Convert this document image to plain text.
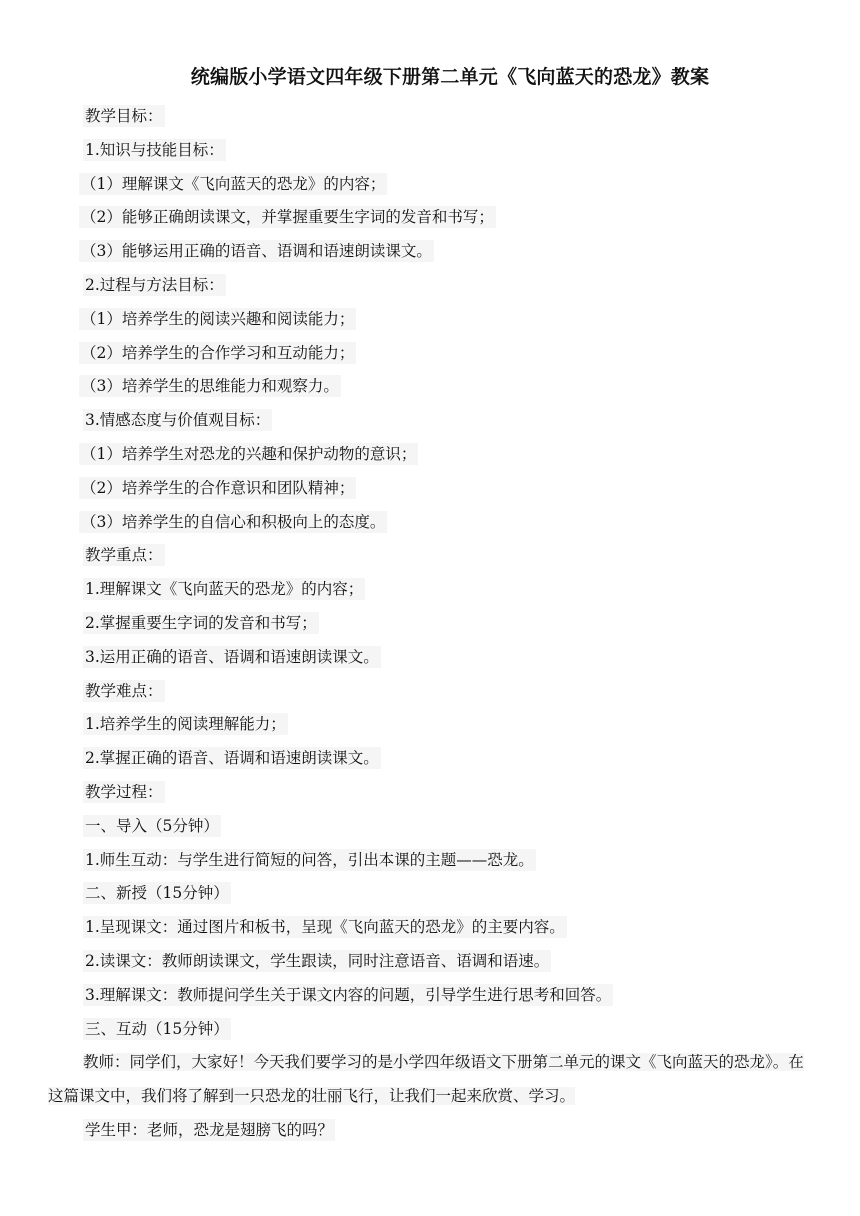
统编版小学语文四年级下册第二单元《飞向蓝天的恐龙》教案
教学目标：
1.知识与技能目标：
（1）理解课文《飞向蓝天的恐龙》的内容；
（2）能够正确朗读课文，并掌握重要生字词的发音和书写；
（3）能够运用正确的语音、语调和语速朗读课文。
2.过程与方法目标：
（1）培养学生的阅读兴趣和阅读能力；
（2）培养学生的合作学习和互动能力；
（3）培养学生的思维能力和观察力。
3.情感态度与价值观目标：
（1）培养学生对恐龙的兴趣和保护动物的意识；
（2）培养学生的合作意识和团队精神；
（3）培养学生的自信心和积极向上的态度。
教学重点：
1.理解课文《飞向蓝天的恐龙》的内容；
2.掌握重要生字词的发音和书写；
3.运用正确的语音、语调和语速朗读课文。
教学难点：
1.培养学生的阅读理解能力；
2.掌握正确的语音、语调和语速朗读课文。
教学过程：
一、导入（5分钟）
1.师生互动：与学生进行简短的问答，引出本课的主题——恐龙。
二、新授（15分钟）
1.呈现课文：通过图片和板书，呈现《飞向蓝天的恐龙》的主要内容。
2.读课文：教师朗读课文，学生跟读，同时注意语音、语调和语速。
3.理解课文：教师提问学生关于课文内容的问题，引导学生进行思考和回答。
三、互动（15分钟）
教师：同学们，大家好！今天我们要学习的是小学四年级语文下册第二单元的课文《飞向蓝天的恐龙》。在这篇课文中，我们将了解到一只恐龙的壮丽飞行，让我们一起来欣赏、学习。
学生甲：老师，恐龙是翅膀飞的吗？
